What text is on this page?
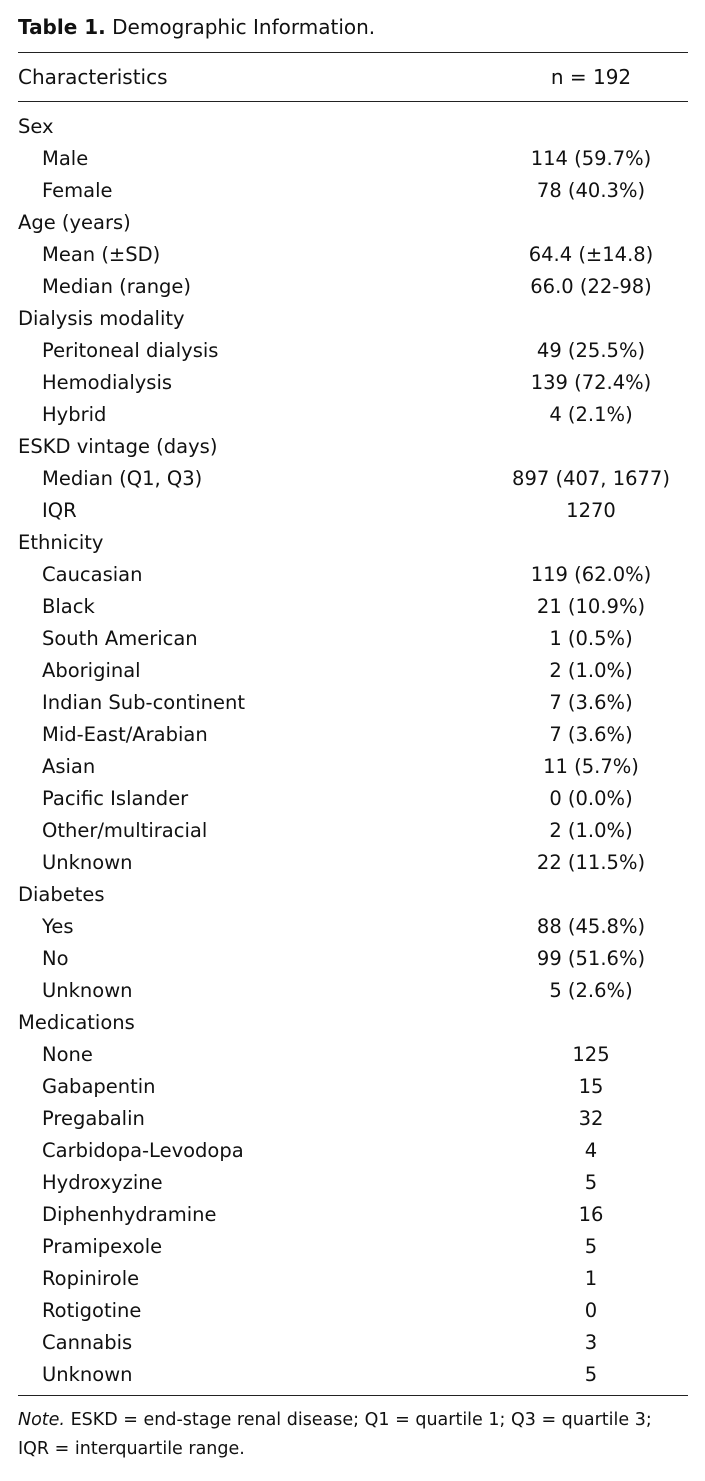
Table 1. Demographic Information.
Characteristics	n = 192
Sex
Male	114 (59.7%)
Female	78 (40.3%)
Age (years)
Mean (±SD)	64.4 (±14.8)
Median (range)	66.0 (22-98)
Dialysis modality
Peritoneal dialysis	49 (25.5%)
Hemodialysis	139 (72.4%)
Hybrid	4 (2.1%)
ESKD vintage (days)
Median (Q1, Q3)	897 (407, 1677)
IQR	1270
Ethnicity
Caucasian	119 (62.0%)
Black	21 (10.9%)
South American	1 (0.5%)
Aboriginal	2 (1.0%)
Indian Sub-continent	7 (3.6%)
Mid-East/Arabian	7 (3.6%)
Asian	11 (5.7%)
Pacific Islander	0 (0.0%)
Other/multiracial	2 (1.0%)
Unknown	22 (11.5%)
Diabetes
Yes	88 (45.8%)
No	99 (51.6%)
Unknown	5 (2.6%)
Medications
None	125
Gabapentin	15
Pregabalin	32
Carbidopa-Levodopa	4
Hydroxyzine	5
Diphenhydramine	16
Pramipexole	5
Ropinirole	1
Rotigotine	0
Cannabis	3
Unknown	5
Note. ESKD = end-stage renal disease; Q1 = quartile 1; Q3 = quartile 3; IQR = interquartile range.
